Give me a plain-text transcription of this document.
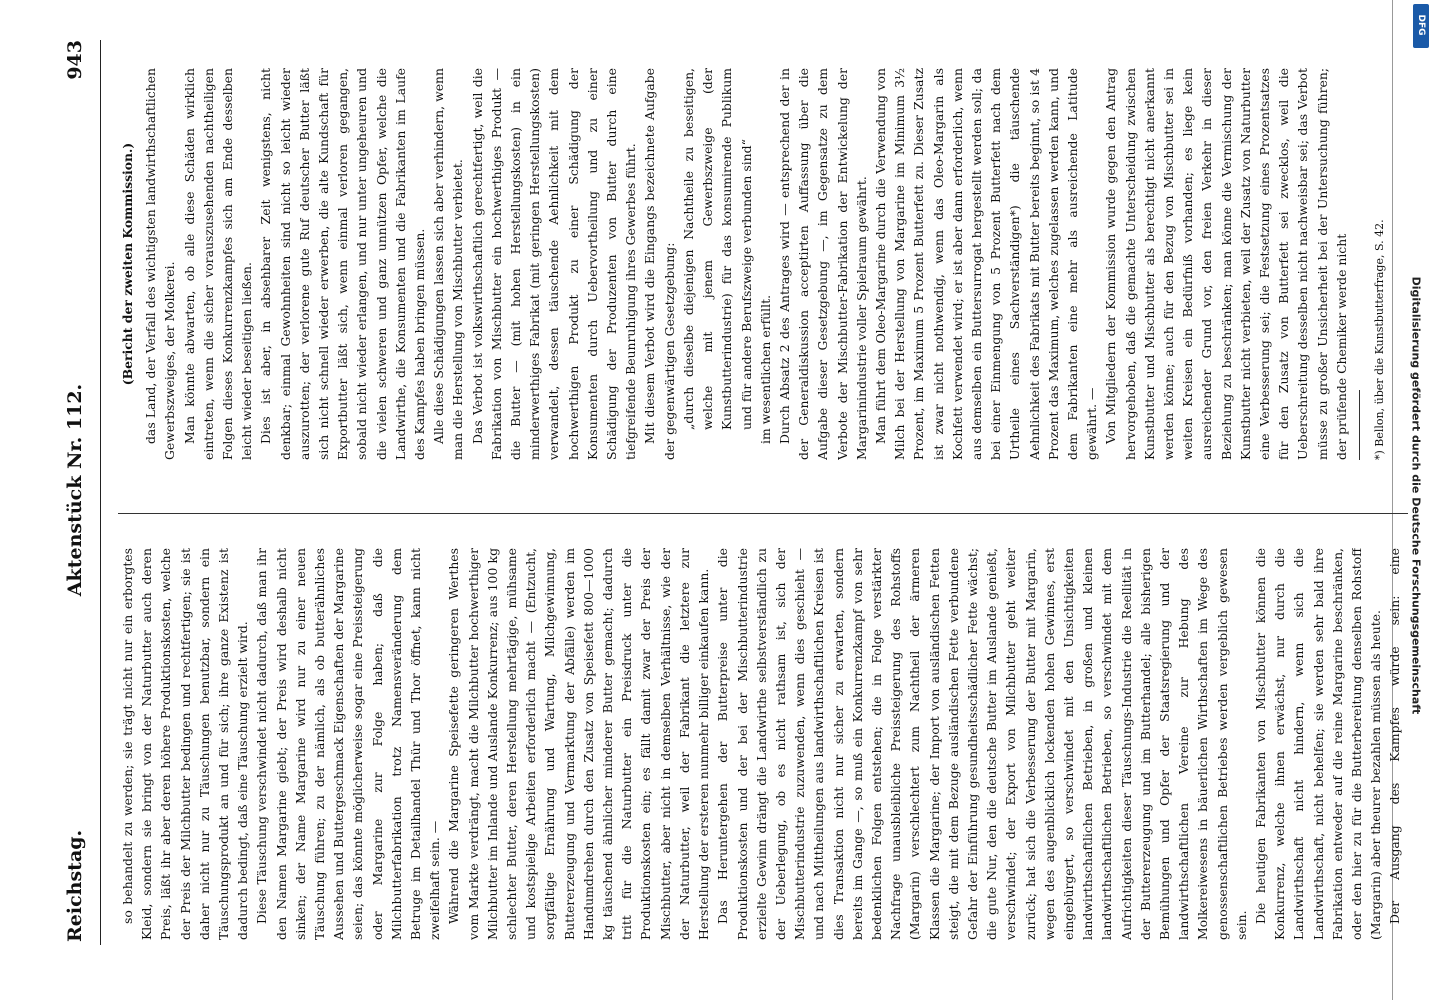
Reichstag.
Aktenstück Nr. 112.
943

so behandelt zu werden; sie trägt nicht nur ein erborgtes Kleid, sondern sie bringt von der Naturbutter auch deren Preis, läßt ihr aber deren höhere Produktionskosten, welche der Preis der Milchbutter bedingen und rechtfertigen; sie ist daher nicht nur zu Täuschungen benutzbar, sondern ein Täuschungsprodukt an und für sich; ihre ganze Existenz ist dadurch bedingt, daß eine Täuschung erzielt wird. Diese Täuschung verschwindet nicht dadurch, daß man ihr den Namen Margarine giebt; der Preis wird deshalb nicht sinken; der Name Margarine wird nur zu einer neuen Täuschung führen; zu der nämlich, als ob butterähnliches Aussehen und Buttergeschmack Eigenschaften der Margarine seien; das könnte möglicherweise sogar eine Preissteigerung oder Margarine zur Folge haben; daß die Milchbutterfabrikation trotz Namensveränderung dem Betruge im Detailhandel Thür und Thor öffnet, kann nicht zweifelhaft sein. — Während die Margarine Speisefette geringeren Werthes vom Markte verdrängt, macht die Milchbutter hochwerthiger Milchbutter im Inlande und Auslande Konkurrenz; aus 100 kg schlechter Butter, deren Herstellung mehrtägige, mühsame und kostspielige Arbeiten erforderlich macht — (Entzucht, sorgfältige Ernährung und Wartung, Milchgewinnung, Buttererzeugung und Vermarktung der Abfälle) werden im Handumdrehen durch den Zusatz von Speisefett 800—1000 kg täuschend ähnlicher minderer Butter gemacht; dadurch tritt für die Naturbutter ein Preisdruck unter die Produktionskosten ein; es fällt damit zwar der Preis der Mischbutter, aber nicht in demselben Verhältnisse, wie der der Naturbutter, weil der Fabrikant die letztere zur Herstellung der ersteren nunmehr billiger einkaufen kann. Das Heruntergehen der Butterpreise unter die Produktionskosten und der bei der Mischbutterindustrie erzielte Gewinn drängt die Landwirthe selbstverständlich zu der Ueberlegung, ob es nicht rathsam ist, sich der Mischbutterindustrie zuzuwenden, wenn dies geschieht — und nach Mittheilungen aus landwirthschaftlichen Kreisen ist dies Transaktion nicht nur sicher zu erwarten, sondern bereits im Gange —, so muß ein Konkurrenzkampf von sehr bedenklichen Folgen entstehen; die in Folge verstärkter Nachfrage unausbleibliche Preissteigerung des Rohstoffs (Margarin) verschlechtert zum Nachtheil der ärmeren Klassen die Margarine; der Import von ausländischen Fetten steigt, die mit dem Bezuge ausländischen Fette verbundene Gefahr der Einführung gesundheitsschädlicher Fette wächst; die gute Nur, den die deutsche Butter im Auslande genießt, verschwindet; der Export von Milchbutter geht weiter zurück; hat sich die Verbesserung der Butter mit Margarin, wegen des augenblicklich lockenden hohen Gewinnes, erst eingebürgert, so verschwindet mit den Unsichtigkeiten landwirthschaftlichen Betrieben, in großen und kleinen landwirthschaftlichen Betrieben, so verschwindet mit dem Aufrichtigkeiten dieser Täuschungs-Industrie die Reellität in der Buttererzeugung und im Butterhandel; alle bisherigen Bemühungen und Opfer der Staatsregierung und der landwirthschaftlichen Vereine zur Hebung des Molkereiwesens in bäuerlichen Wirthschaften im Wege des genossenschaftlichen Betriebes werden vergeblich gewesen sein.

Die heutigen Fabrikanten von Mischbutter können die Konkurrenz, welche ihnen erwächst, nur durch die Landwirthschaft nicht hindern, wenn sich die Landwirthschaft, nicht behelfen; sie werden sehr bald ihre Fabrikation entweder auf die reine Margarine beschränken, oder den hier zu für die Butterbereitung denselben Rohstoff (Margarin) aber theurer bezahlen müssen als heute. Der Ausgang des Kampfes würde sein: eine

(Bericht der zweiten Kommission.) das Land, der Verfall des wichtigsten landwirthschaftlichen Gewerbszweiges, der Molkerei. Man könnte abwarten, ob alle diese Schäden wirklich eintreten, wenn die sicher vorauszusehenden nachtheiligen Folgen dieses Konkurrenzkampfes sich am Ende desselben leicht wieder beseitigen ließen. Dies ist aber, in absehbarer Zeit wenigstens, nicht denkbar; einmal Gewohnheiten sind nicht so leicht wieder auszurotten; der verlorene gute Ruf deutscher Butter läßt sich nicht schnell wieder erwerben, die alte Kundschaft für Exportbutter läßt sich, wenn einmal verloren gegangen, sobald nicht wieder erlangen, und nur unter ungeheuren und die vielen schweren und ganz unnützen Opfer, welche die Landwirthe, die Konsumenten und die Fabrikanten im Laufe des Kampfes haben bringen müssen. Alle diese Schädigungen lassen sich aber verhindern, wenn man die Herstellung von Mischbutter verbietet. Das Verbot ist volkswirthschaftlich gerechtfertigt, weil die Fabrikation von Mischbutter ein hochwerthiges Produkt — die Butter — (mit hohen Herstellungskosten) in ein minderwerthiges Fabrikat (mit geringen Herstellungskosten) verwandelt, dessen täuschende Aehnlichkeit mit dem hochwerthigen Produkt zu einer Schädigung der Konsumenten durch Uebervortheilung und zu einer Schädigung der Produzenten von Butter durch eine tiefgreifende Beunruhigung ihres Gewerbes führt. Mit diesem Verbot wird die Eingangs bezeichnete Aufgabe der gegenwärtigen Gesetzgebung: „durch dieselbe diejenigen Nachtheile zu beseitigen, welche mit jenem Gewerbszweige (der Kunstbutterindustrie) für das konsumirende Publikum und für andere Berufszweige verbunden sind“ im wesentlichen erfüllt. Durch Absatz 2 des Antrages wird — entsprechend der in der Generaldiskussion acceptirten Auffassung über die Aufgabe dieser Gesetzgebung —, im Gegensatze zu dem Verbote der Mischbutter-Fabrikation der Entwickelung der Margarinindustrie voller Spielraum gewährt. Man führt dem Oleo-Margarine durch die Verwendung von Milch bei der Herstellung von Margarine im Minimum 3½ Prozent, im Maximum 5 Prozent Butterfett zu. Dieser Zusatz ist zwar nicht nothwendig, wenn das Oleo-Margarin als Kochfett verwendet wird; er ist aber dann erforderlich, wenn aus demselben ein Buttersurrogat hergestellt werden soll; da bei einer Einmengung von 5 Prozent Butterfett nach dem Urtheile eines Sachverständigen*) die täuschende Aehnlichkeit des Fabrikats mit Butter bereits beginnt, so ist 4 Prozent das Maximum, welches zugelassen werden kann, und dem Fabrikanten eine mehr als ausreichende Latitude gewährt. — Von Mitgliedern der Kommission wurde gegen den Antrag hervorgehoben, daß die gemachte Unterscheidung zwischen Kunstbutter und Mischbutter als berechtigt nicht anerkannt werden könne; auch für den Bezug von Mischbutter sei in weiten Kreisen ein Bedürfniß vorhanden; es liege kein ausreichender Grund vor, den freien Verkehr in dieser Beziehung zu beschränken; man könne die Vermischung der Kunstbutter nicht verbieten, weil der Zusatz von Naturbutter eine Verbesserung sei; die Festsetzung eines Prozentsatzes für den Zusatz von Butterfett sei zwecklos, weil die Ueberschreitung desselben nicht nachweisbar sei; das Verbot müsse zu großer Unsicherheit bei der Untersuchung führen; der prüfende Chemiker werde nicht *) Bellon, über die Kunstbutterfrage, S. 42. Digitalisierung gefördert durch die Deutsche Forschungsgemeinschaft
DFG
